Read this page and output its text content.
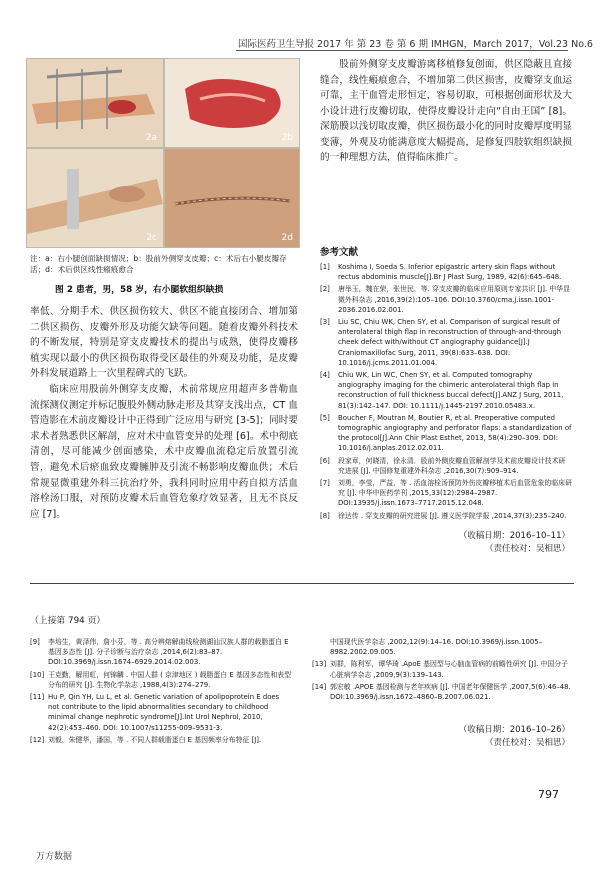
国际医药卫生导报 2017 年 第 23 卷 第 6 期 IMHGN，March 2017，Vol.23 No.6
2a	2b
2c	2d
注：a：右小腿创面缺损情况；b：股前外侧穿支皮瓣；c：术后右小腿皮瓣存活；d：术后供区线性瘢痕愈合
图 2 患者，男，58 岁，右小腿软组织缺损

率低、分期手术、供区损伤较大、供区不能直接闭合、增加第二供区损伤、皮瓣外形及功能欠缺等问题。随着皮瓣外科技术的不断发展，特别是穿支皮瓣技术的提出与成熟，使得皮瓣移植实现以最小的供区损伤取得受区最佳的外观及功能，是皮瓣外科发展道路上一次里程碑式的飞跃。

临床应用股前外侧穿支皮瓣，术前常规应用超声多普勒血流探测仪测定并标记腹股外侧动脉走形及其穿支浅出点，CT 血管造影在术前皮瓣设计中正得到广泛应用与研究 [3-5]；同时要求术者熟悉供区解剖，应对术中血管变异的处理 [6]。术中彻底清创，尽可能减少创面感染，术中皮瓣血流稳定后放置引流管，避免术后瘀血致皮瓣臃肿及引流不畅影响皮瓣血供；术后常规显微重建外科三抗治疗外，我科同时应用中药自拟方活血溶栓汤口服，对预防皮瓣术后血管危象疗效显著，且无不良反应 [7]。

股前外侧穿支皮瓣游离移植修复创面，供区隐蔽且直接缝合，线性瘢痕愈合，不增加第二供区损害，皮瓣穿支血运可靠，主干血管走形恒定，容易切取，可根据创面形状及大小设计进行皮瓣切取，使得皮瓣设计走向“自由王国” [8]。深筋膜以浅切取皮瓣，供区损伤最小化的同时皮瓣厚度明显变薄，外观及功能满意度大幅提高，是修复四肢软组织缺损的一种理想方法，值得临床推广。

参考文献
[1]	Koshima I, Soeda S. Inferior epigastric artery skin flaps without rectus abdominis muscle[J].Br J Plast Surg, 1989, 42(6):645–648.
[2]	唐举玉，魏在荣，张世民，等. 穿支皮瓣的临床应用原则专家共识 [J]. 中华显微外科杂志 ,2016,39(2):105–106. DOI:10.3760/cma.j.issn.1001-2036.2016.02.001.
[3]	Liu SC, Chiu WK, Chen SY, et al. Comparison of surgical result of anterolateral thigh flap in reconstruction of through-and-through cheek defect with/without CT angiography guidance[J].J Craniomaxillofac Surg, 2011, 39(8):633–638. DOI: 10.1016/j.jcms.2011.01.004.
[4]	Chiu WK, Lin WC, Chen SY, et al. Computed tomography angiography imaging for the chimeric anterolateral thigh flap in reconstruction of full thickness buccal defect[J].ANZ J Surg, 2011, 81(3):142–147. DOI: 10.1111/j.1445-2197.2010.05483.x.
[5]	Boucher F, Moutran M, Boutier R, et al. Preoperative computed tomographic angiography and perforator flaps: a standardization of the protocol[J].Ann Chir Plast Esthet, 2013, 58(4):290–309. DOI: 10.1016/j.anplas.2012.02.011.
[6]	段家章，何晓清，徐永清．股前外侧皮瓣血管解剖学及术前皮瓣设计技术研究进展 [J]. 中国修复重建外科杂志 ,2016,30(7):909–914.
[7]	刘勇，李莹，严益，等 . 活血溶栓汤预防外伤皮瓣移植术后血管危象的临床研究 [J]. 中华中医药学刊 ,2015,33(12):2984–2987. DOI:13935/j.issn.1673–7717.2015.12.048.
[8]	徐达传 . 穿支皮瓣的研究进展 [J]. 遵义医学院学报 ,2014,37(3):235–240.
（收稿日期：2016–10–11）
（责任校对：吴相思）
（上接第 794 页）
[9]	李培生，黄泽伟，詹小芬，等 . 高分辨熔解曲线检测湖汕汉族人群的载脂蛋白 E 基因多态性 [J]. 分子诊断与治疗杂志 ,2014,6(2):83–87. DOI:10.3969/j.issn.1674–6929.2014.02.003.
[10] 王克勤，解用虹，何锦麟 . 中国人群 ( 京津地区 ) 载脂蛋白 E 基因多态性和表型分布的研究 [J]. 生物化学杂志 ,1988,4(3):274–279.
[11] Hu P, Qin YH, Lu L, et al. Genetic variation of apolipoprotein E does not contribute to the lipid abnormalities secondary to childhood minimal change nephrotic syndrome[J].Int Urol Nephrol, 2010, 42(2):453–460. DOI: 10.1007/s11255-009–9531-3.
[12] 刘毅，朱健华，潘国，等 . 不同人群载脂蛋白 E 基因频率分布特征 [J].
中国现代医学杂志 ,2002,12(9):14–16. DOI:10.3969/j.issn.1005–8982.2002.09.005.
[13] 刘群，陈利军，谭华琦 .ApoE 基因型与心脑血管病的前瞻性研究 [J]. 中国分子心脏病学杂志 ,2009,9(3):139–143.
[14] 郭宏敏 .APOE 基因检测与老年疾病 [J]. 中国老年保健医学 ,2007,5(6):46–48. DOI:10.3969/j.issn.1672–4860–B.2007.06.021.
（收稿日期：2016–10–26）
（责任校对：吴相思）
797
万方数据
